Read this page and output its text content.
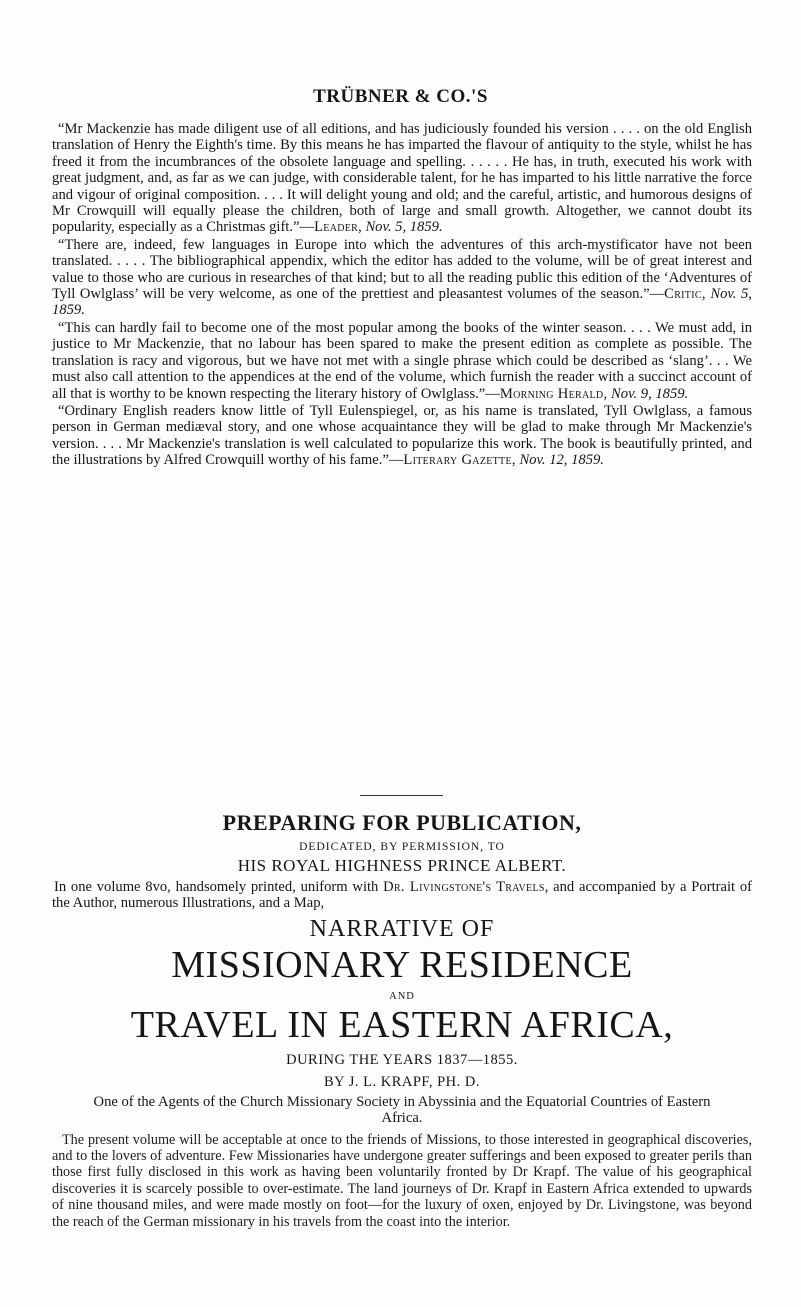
TRÜBNER & CO.'S

“Mr Mackenzie has made diligent use of all editions, and has judiciously founded his version . . . . on the old English translation of Henry the Eighth's time. By this means he has imparted the flavour of antiquity to the style, whilst he has freed it from the incumbrances of the obsolete language and spelling. . . . . . He has, in truth, executed his work with great judgment, and, as far as we can judge, with considerable talent, for he has imparted to his little narrative the force and vigour of original composition. . . . It will delight young and old; and the careful, artistic, and humorous designs of Mr Crowquill will equally please the children, both of large and small growth. Altogether, we cannot doubt its popularity, especially as a Christmas gift.”—Leader, Nov. 5, 1859.

“There are, indeed, few languages in Europe into which the adventures of this arch-mystificator have not been translated. . . . . The bibliographical appendix, which the editor has added to the volume, will be of great interest and value to those who are curious in researches of that kind; but to all the reading public this edition of the ‘Adventures of Tyll Owlglass’ will be very welcome, as one of the prettiest and pleasantest volumes of the season.”—Critic, Nov. 5, 1859.

“This can hardly fail to become one of the most popular among the books of the winter season. . . . We must add, in justice to Mr Mackenzie, that no labour has been spared to make the present edition as complete as possible. The translation is racy and vigorous, but we have not met with a single phrase which could be described as ‘slang’. . . We must also call attention to the appendices at the end of the volume, which furnish the reader with a succinct account of all that is worthy to be known respecting the literary history of Owlglass.”—Morning Herald, Nov. 9, 1859.

“Ordinary English readers know little of Tyll Eulenspiegel, or, as his name is translated, Tyll Owlglass, a famous person in German mediæval story, and one whose acquaintance they will be glad to make through Mr Mackenzie's version. . . . Mr Mackenzie's translation is well calculated to popularize this work. The book is beautifully printed, and the illustrations by Alfred Crowquill worthy of his fame.”—Literary Gazette, Nov. 12, 1859.

PREPARING FOR PUBLICATION,
DEDICATED, BY PERMISSION, TO
HIS ROYAL HIGHNESS PRINCE ALBERT.
In one volume 8vo, handsomely printed, uniform with Dr. Livingstone's Travels, and accompanied by a Portrait of the Author, numerous Illustrations, and a Map,
NARRATIVE OF
MISSIONARY RESIDENCE
AND
TRAVEL IN EASTERN AFRICA,
DURING THE YEARS 1837—1855.
BY J. L. KRAPF, PH. D.
One of the Agents of the Church Missionary Society in Abyssinia and the Equatorial Countries of Eastern Africa.
The present volume will be acceptable at once to the friends of Missions, to those interested in geographical discoveries, and to the lovers of adventure. Few Missionaries have undergone greater sufferings and been exposed to greater perils than those first fully disclosed in this work as having been voluntarily fronted by Dr Krapf. The value of his geographical discoveries it is scarcely possible to over-estimate. The land journeys of Dr. Krapf in Eastern Africa extended to upwards of nine thousand miles, and were made mostly on foot—for the luxury of oxen, enjoyed by Dr. Livingstone, was beyond the reach of the German missionary in his travels from the coast into the interior.
